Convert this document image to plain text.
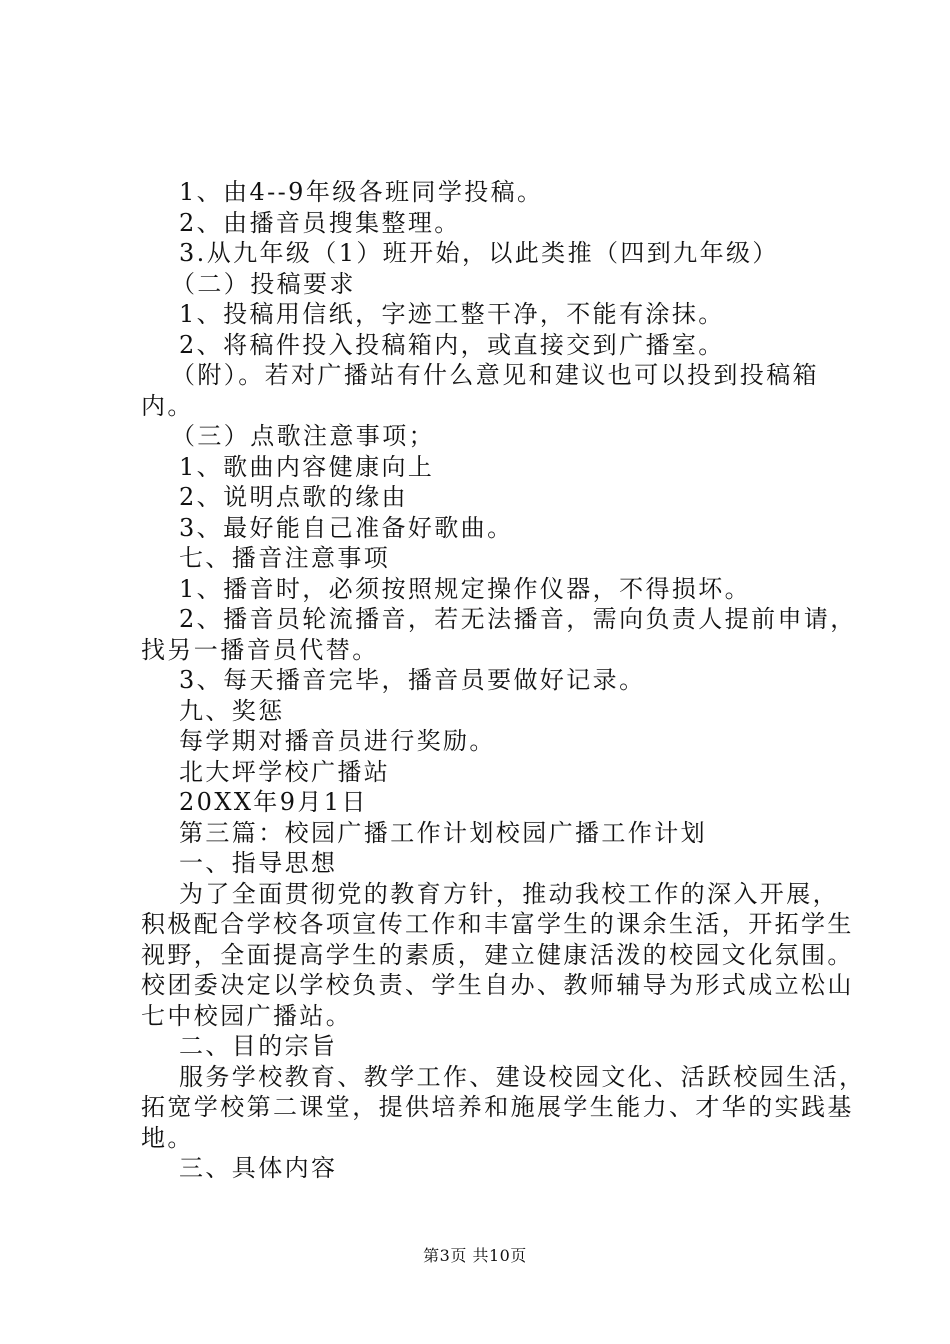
1、由4--9年级各班同学投稿。
2、由播音员搜集整理。
3.从九年级（1）班开始，以此类推（四到九年级）
（二）投稿要求
1、投稿用信纸，字迹工整干净，不能有涂抹。
2、将稿件投入投稿箱内，或直接交到广播室。
（附）。若对广播站有什么意见和建议也可以投到投稿箱
内。
（三）点歌注意事项；
1、歌曲内容健康向上
2、说明点歌的缘由
3、最好能自己准备好歌曲。
七、播音注意事项
1、播音时，必须按照规定操作仪器，不得损坏。
2、播音员轮流播音，若无法播音，需向负责人提前申请，
找另一播音员代替。
3、每天播音完毕，播音员要做好记录。
九、奖惩
每学期对播音员进行奖励。
北大坪学校广播站
20XX年9月1日
第三篇：校园广播工作计划校园广播工作计划
一、指导思想
为了全面贯彻党的教育方针，推动我校工作的深入开展，
积极配合学校各项宣传工作和丰富学生的课余生活，开拓学生
视野，全面提高学生的素质，建立健康活泼的校园文化氛围。
校团委决定以学校负责、学生自办、教师辅导为形式成立松山
七中校园广播站。
二、目的宗旨
服务学校教育、教学工作、建设校园文化、活跃校园生活，
拓宽学校第二课堂，提供培养和施展学生能力、才华的实践基
地。
三、具体内容
第3页 共10页
